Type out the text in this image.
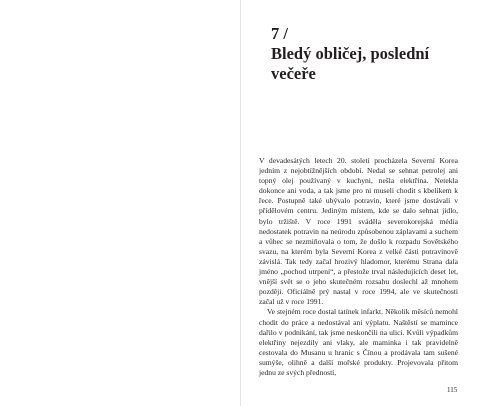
7 /
Bledý obličej, poslední
večeře

V devadesátých letech 20. století procházela Severní Korea jedním z nejobtížnějších období. Nedal se sehnat petrolej ani topný olej používaný v kuchyni, nešla elektřina. Netekla dokonce ani voda, a tak jsme pro ni museli chodit s kbelíkem k řece. Postupně také ubývalo potravin, které jsme dostávali v přídělovém centru. Jediným místem, kde se dalo sehnat jídlo, bylo tržiště. V roce 1991 sváděla severokorejská média nedostatek potravin na neúrodu způsobenou záplavami a suchem a vůbec se nezmiňovala o tom, že došlo k rozpadu Sovětského svazu, na kterém byla Severní Korea z velké části potravinově závislá. Tak tedy začal hrozivý hladomor, kterému Strana dala jméno „pochod utrpení“, a přestože trval následujících deset let, vnější svět se o jeho skutečném rozsahu doslechl až mnohem později. Oficiálně prý nastal v roce 1994, ale ve skutečnosti začal už v roce 1991.

Ve stejném roce dostal tatínek infarkt. Několik měsíců nemohl chodit do práce a nedostával ani výplatu. Naštěstí se mamince dařilo v podnikání, tak jsme neskončili na ulici. Kvůli výpadkům elektřiny nejezdily ani vlaky, ale maminka i tak pravidelně cestovala do Musanu u hranic s Čínou a prodávala tam sušené sumýše, olihně a další mořské produkty. Projevovala přitom jednu ze svých předností,

115
